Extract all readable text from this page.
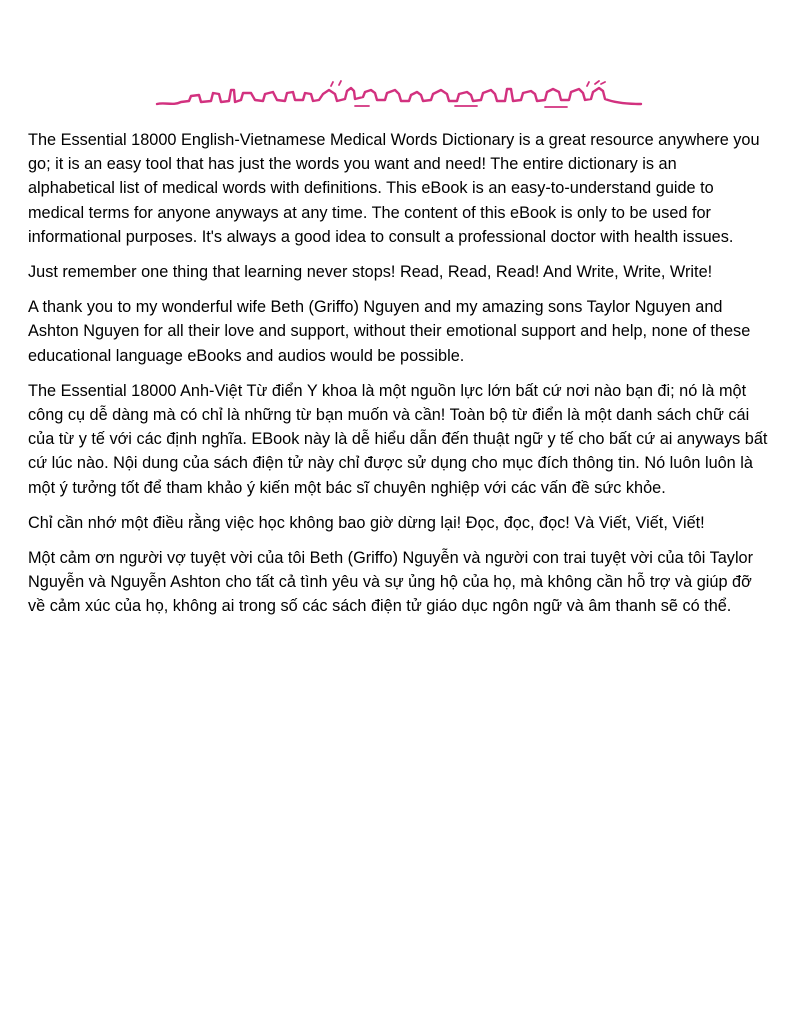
The Essential 18000 English-Vietnamese Medical Words Dictionary is a great resource anywhere you go; it is an easy tool that has just the words you want and need! The entire dictionary is an alphabetical list of medical words with definitions. This eBook is an easy-to-understand guide to medical terms for anyone anyways at any time. The content of this eBook is only to be used for informational purposes. It's always a good idea to consult a professional doctor with health issues.

Just remember one thing that learning never stops! Read, Read, Read! And Write, Write, Write!

A thank you to my wonderful wife Beth (Griffo) Nguyen and my amazing sons Taylor Nguyen and Ashton Nguyen for all their love and support, without their emotional support and help, none of these educational language eBooks and audios would be possible.

The Essential 18000 Anh-Việt Từ điển Y khoa là một nguồn lực lớn bất cứ nơi nào bạn đi; nó là một công cụ dễ dàng mà có chỉ là những từ bạn muốn và cần! Toàn bộ từ điển là một danh sách chữ cái của từ y tế với các định nghĩa. EBook này là dễ hiểu dẫn đến thuật ngữ y tế cho bất cứ ai anyways bất cứ lúc nào. Nội dung của sách điện tử này chỉ được sử dụng cho mục đích thông tin. Nó luôn luôn là một ý tưởng tốt để tham khảo ý kiến một bác sĩ chuyên nghiệp với các vấn đề sức khỏe.

Chỉ cần nhớ một điều rằng việc học không bao giờ dừng lại! Đọc, đọc, đọc! Và Viết, Viết, Viết!

Một cảm ơn người vợ tuyệt vời của tôi Beth (Griffo) Nguyễn và người con trai tuyệt vời của tôi Taylor Nguyễn và Nguyễn Ashton cho tất cả tình yêu và sự ủng hộ của họ, mà không cần hỗ trợ và giúp đỡ về cảm xúc của họ, không ai trong số các sách điện tử giáo dục ngôn ngữ và âm thanh sẽ có thể.
